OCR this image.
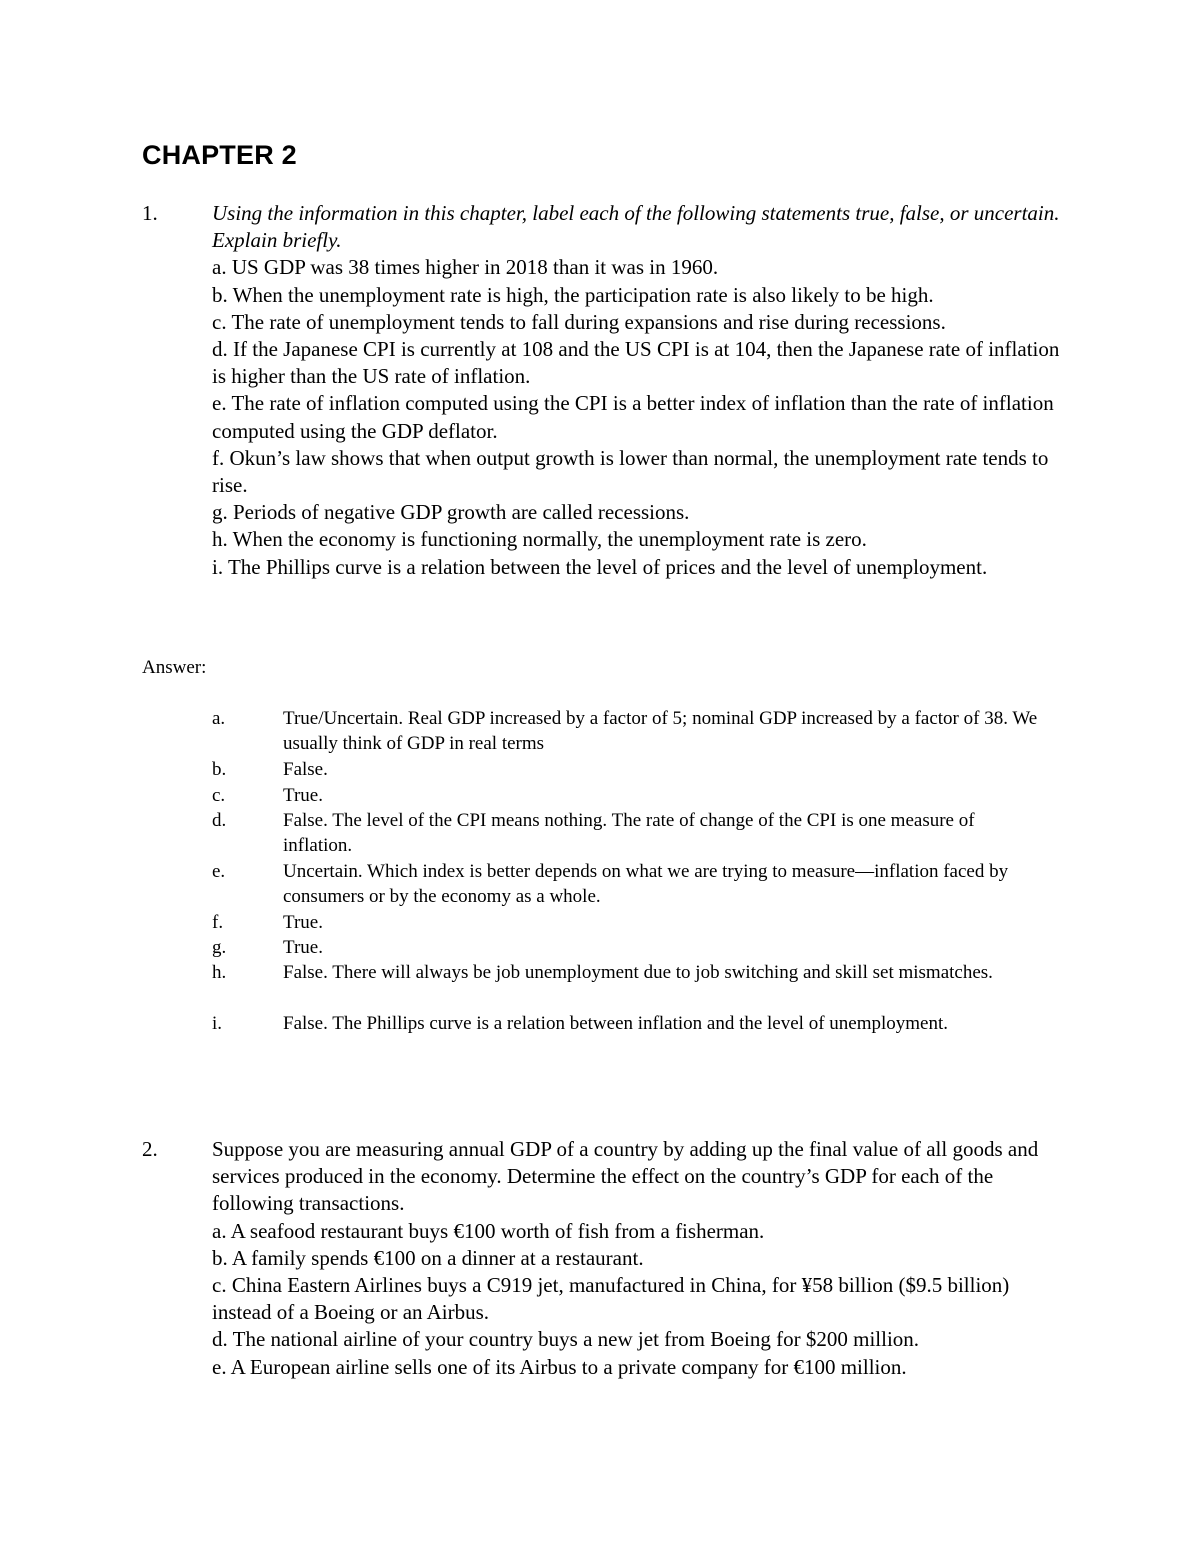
CHAPTER 2
1.	Using the information in this chapter, label each of the following statements true, false, or uncertain. Explain briefly.

a. US GDP was 38 times higher in 2018 than it was in 1960.

b. When the unemployment rate is high, the participation rate is also likely to be high.

c. The rate of unemployment tends to fall during expansions and rise during recessions.

d. If the Japanese CPI is currently at 108 and the US CPI is at 104, then the Japanese rate of inflation is higher than the US rate of inflation.

e. The rate of inflation computed using the CPI is a better index of inflation than the rate of inflation computed using the GDP deflator.

f. Okun’s law shows that when output growth is lower than normal, the unemployment rate tends to rise.

g. Periods of negative GDP growth are called recessions.

h. When the economy is functioning normally, the unemployment rate is zero.

i. The Phillips curve is a relation between the level of prices and the level of unemployment.

Answer:

a.	True/Uncertain. Real GDP increased by a factor of 5; nominal GDP increased by a factor of 38. We usually think of GDP in real terms
b.	False.
c.	True.
d.	False. The level of the CPI means nothing. The rate of change of the CPI is one measure of inflation.
e.	Uncertain. Which index is better depends on what we are trying to measure—inflation faced by consumers or by the economy as a whole.
f.	True.
g.	True.
h.	False. There will always be job unemployment due to job switching and skill set mismatches.
i.	False. The Phillips curve is a relation between inflation and the level of unemployment.
2.	Suppose you are measuring annual GDP of a country by adding up the final value of all goods and services produced in the economy. Determine the effect on the country’s GDP for each of the following transactions.

a. A seafood restaurant buys €100 worth of fish from a fisherman.

b. A family spends €100 on a dinner at a restaurant.

c. China Eastern Airlines buys a C919 jet, manufactured in China, for ¥58 billion ($9.5 billion) instead of a Boeing or an Airbus.

d. The national airline of your country buys a new jet from Boeing for $200 million.

e. A European airline sells one of its Airbus to a private company for €100 million.
